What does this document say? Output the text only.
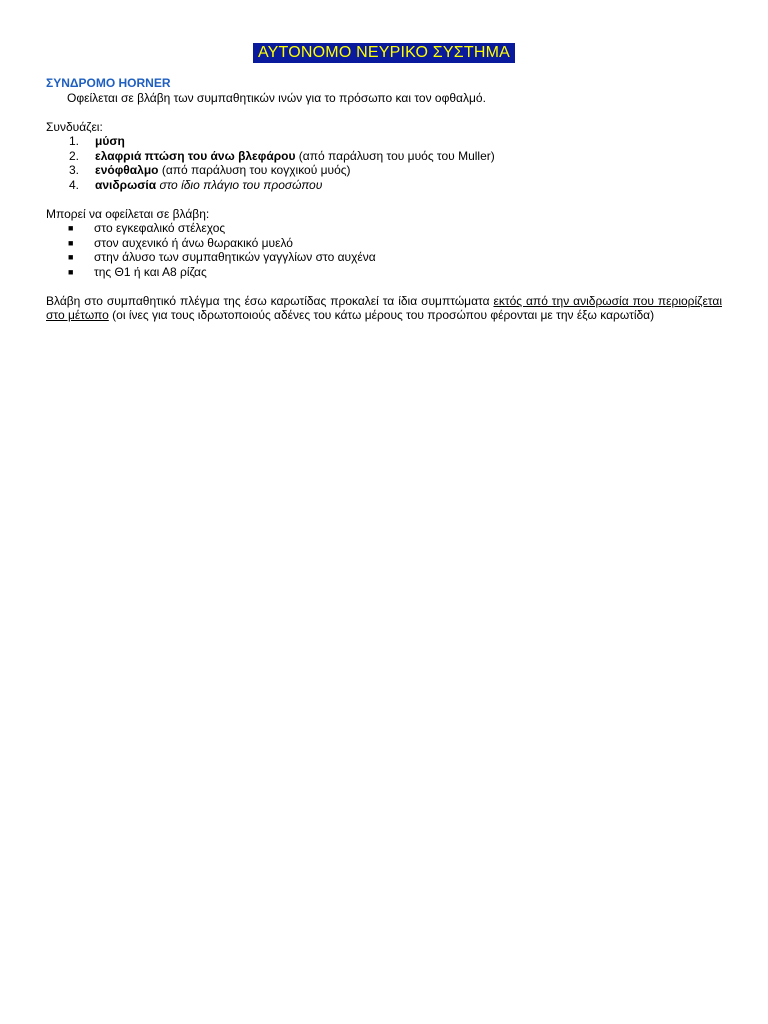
ΑΥΤΟΝΟΜΟ ΝΕΥΡΙΚΟ ΣΥΣΤΗΜΑ
ΣΥΝΔΡΟΜΟ HORNER
Οφείλεται σε βλάβη των συμπαθητικών ινών για το πρόσωπο και τον οφθαλμό.
Συνδυάζει:
1.	μύση
2.	ελαφριά πτώση του άνω βλεφάρου (από παράλυση του μυός του Muller)
3.	ενόφθαλμο (από παράλυση του κογχικού μυός)
4.	ανιδρωσία στο ίδιο πλάγιο του προσώπου
Μπορεί να οφείλεται σε βλάβη:
■	στο εγκεφαλικό στέλεχος
■	στον αυχενικό ή άνω θωρακικό μυελό
■	στην άλυσο των συμπαθητικών γαγγλίων στο αυχένα
■	της Θ1 ή και Α8 ρίζας
Βλάβη στο συμπαθητικό πλέγμα της έσω καρωτίδας προκαλεί τα ίδια συμπτώματα εκτός από την ανιδρωσία που περιορίζεται στο μέτωπο (οι ίνες για τους ιδρωτοποιούς αδένες του κάτω μέρους του προσώπου φέρονται με την έξω καρωτίδα)
